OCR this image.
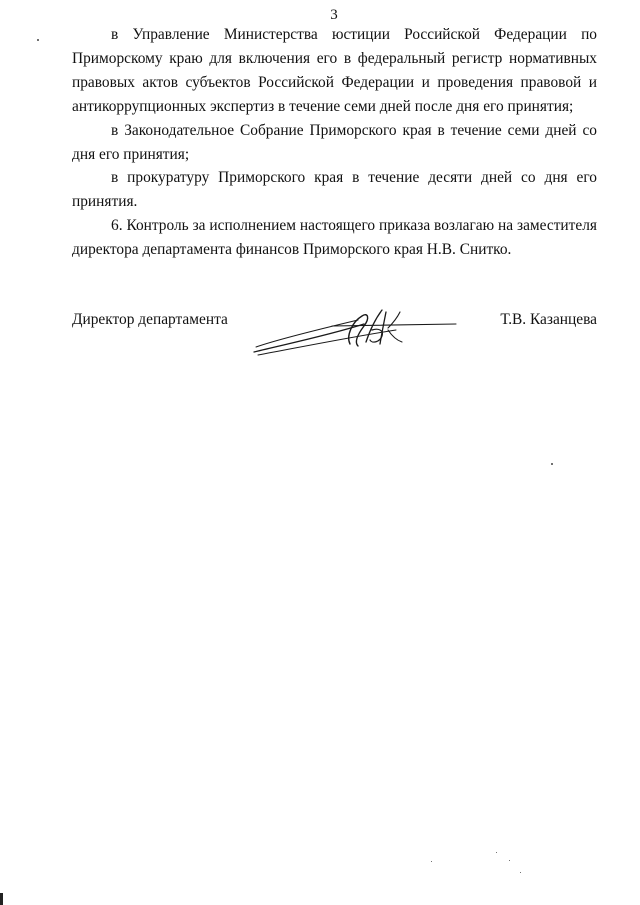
3

в Управление Министерства юстиции Российской Федерации по Приморскому краю для включения его в федеральный регистр нормативных правовых актов субъектов Российской Федерации и проведения правовой и антикоррупционных экспертиз в течение семи дней после дня его принятия;

в Законодательное Собрание Приморского края в течение семи дней со дня его принятия;

в прокуратуру Приморского края в течение десяти дней со дня его принятия.

6. Контроль за исполнением настоящего приказа возлагаю на заместителя директора департамента финансов Приморского края Н.В. Снитко.

Директор департамента	Т.В. Казанцева
